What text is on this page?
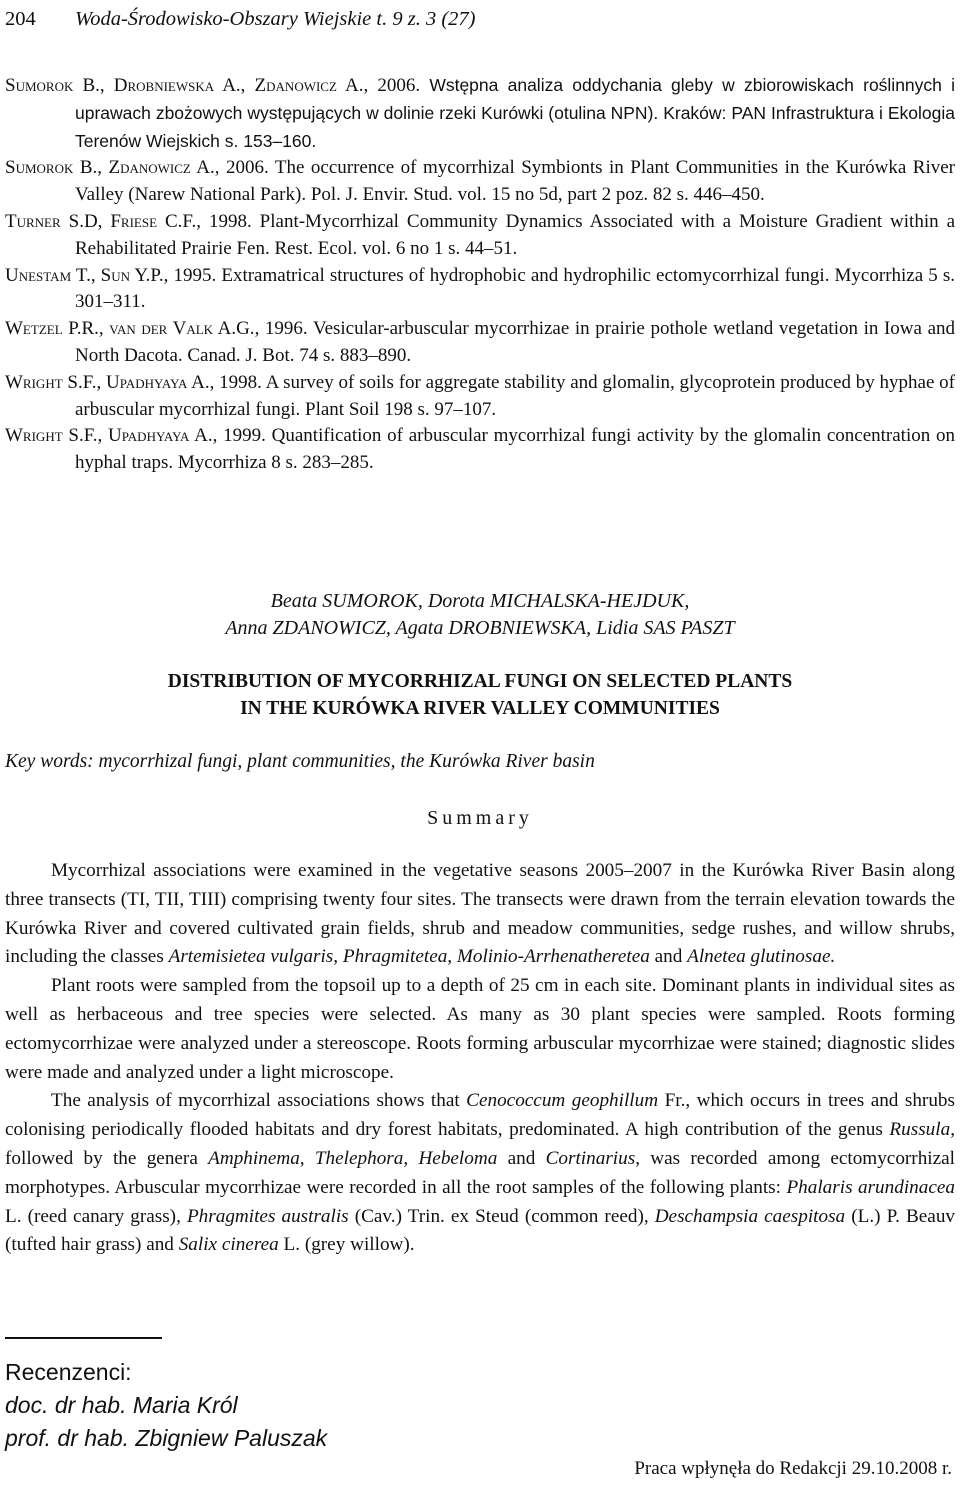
204 Woda-Środowisko-Obszary Wiejskie t. 9 z. 3 (27)

Sumorok B., Drobniewska A., Zdanowicz A., 2006. Wstępna analiza oddychania gleby w zbiorowiskach roślinnych i uprawach zbożowych występujących w dolinie rzeki Kurówki (otulina NPN). Kraków: PAN Infrastruktura i Ekologia Terenów Wiejskich s. 153–160.

Sumorok B., Zdanowicz A., 2006. The occurrence of mycorrhizal Symbionts in Plant Communities in the Kurówka River Valley (Narew National Park). Pol. J. Envir. Stud. vol. 15 no 5d, part 2 poz. 82 s. 446–450.

Turner S.D, Friese C.F., 1998. Plant-Mycorrhizal Community Dynamics Associated with a Moisture Gradient within a Rehabilitated Prairie Fen. Rest. Ecol. vol. 6 no 1 s. 44–51.

Unestam T., Sun Y.P., 1995. Extramatrical structures of hydrophobic and hydrophilic ectomycorrhizal fungi. Mycorrhiza 5 s. 301–311.

Wetzel P.R., van der Valk A.G., 1996. Vesicular-arbuscular mycorrhizae in prairie pothole wetland vegetation in Iowa and North Dacota. Canad. J. Bot. 74 s. 883–890.

Wright S.F., Upadhyaya A., 1998. A survey of soils for aggregate stability and glomalin, glycoprotein produced by hyphae of arbuscular mycorrhizal fungi. Plant Soil 198 s. 97–107.

Wright S.F., Upadhyaya A., 1999. Quantification of arbuscular mycorrhizal fungi activity by the glomalin concentration on hyphal traps. Mycorrhiza 8 s. 283–285.

Beata SUMOROK, Dorota MICHALSKA-HEJDUK,
Anna ZDANOWICZ, Agata DROBNIEWSKA, Lidia SAS PASZT
DISTRIBUTION OF MYCORRHIZAL FUNGI ON SELECTED PLANTS
IN THE KURÓWKA RIVER VALLEY COMMUNITIES
Key words: mycorrhizal fungi, plant communities, the Kurówka River basin
Summary

Mycorrhizal associations were examined in the vegetative seasons 2005–2007 in the Kurówka River Basin along three transects (TI, TII, TIII) comprising twenty four sites. The transects were drawn from the terrain elevation towards the Kurówka River and covered cultivated grain fields, shrub and meadow communities, sedge rushes, and willow shrubs, including the classes Artemisietea vulgaris, Phragmitetea, Molinio-Arrhenatheretea and Alnetea glutinosae.

Plant roots were sampled from the topsoil up to a depth of 25 cm in each site. Dominant plants in individual sites as well as herbaceous and tree species were selected. As many as 30 plant species were sampled. Roots forming ectomycorrhizae were analyzed under a stereoscope. Roots forming arbuscular mycorrhizae were stained; diagnostic slides were made and analyzed under a light microscope.

The analysis of mycorrhizal associations shows that Cenococcum geophillum Fr., which occurs in trees and shrubs colonising periodically flooded habitats and dry forest habitats, predominated. A high contribution of the genus Russula, followed by the genera Amphinema, Thelephora, Hebeloma and Cortinarius, was recorded among ectomycorrhizal morphotypes. Arbuscular mycorrhizae were recorded in all the root samples of the following plants: Phalaris arundinacea L. (reed canary grass), Phragmites australis (Cav.) Trin. ex Steud (common reed), Deschampsia caespitosa (L.) P. Beauv (tufted hair grass) and Salix cinerea L. (grey willow).

Recenzenci:
doc. dr hab. Maria Król
prof. dr hab. Zbigniew Paluszak
Praca wpłynęła do Redakcji 29.10.2008 r.
